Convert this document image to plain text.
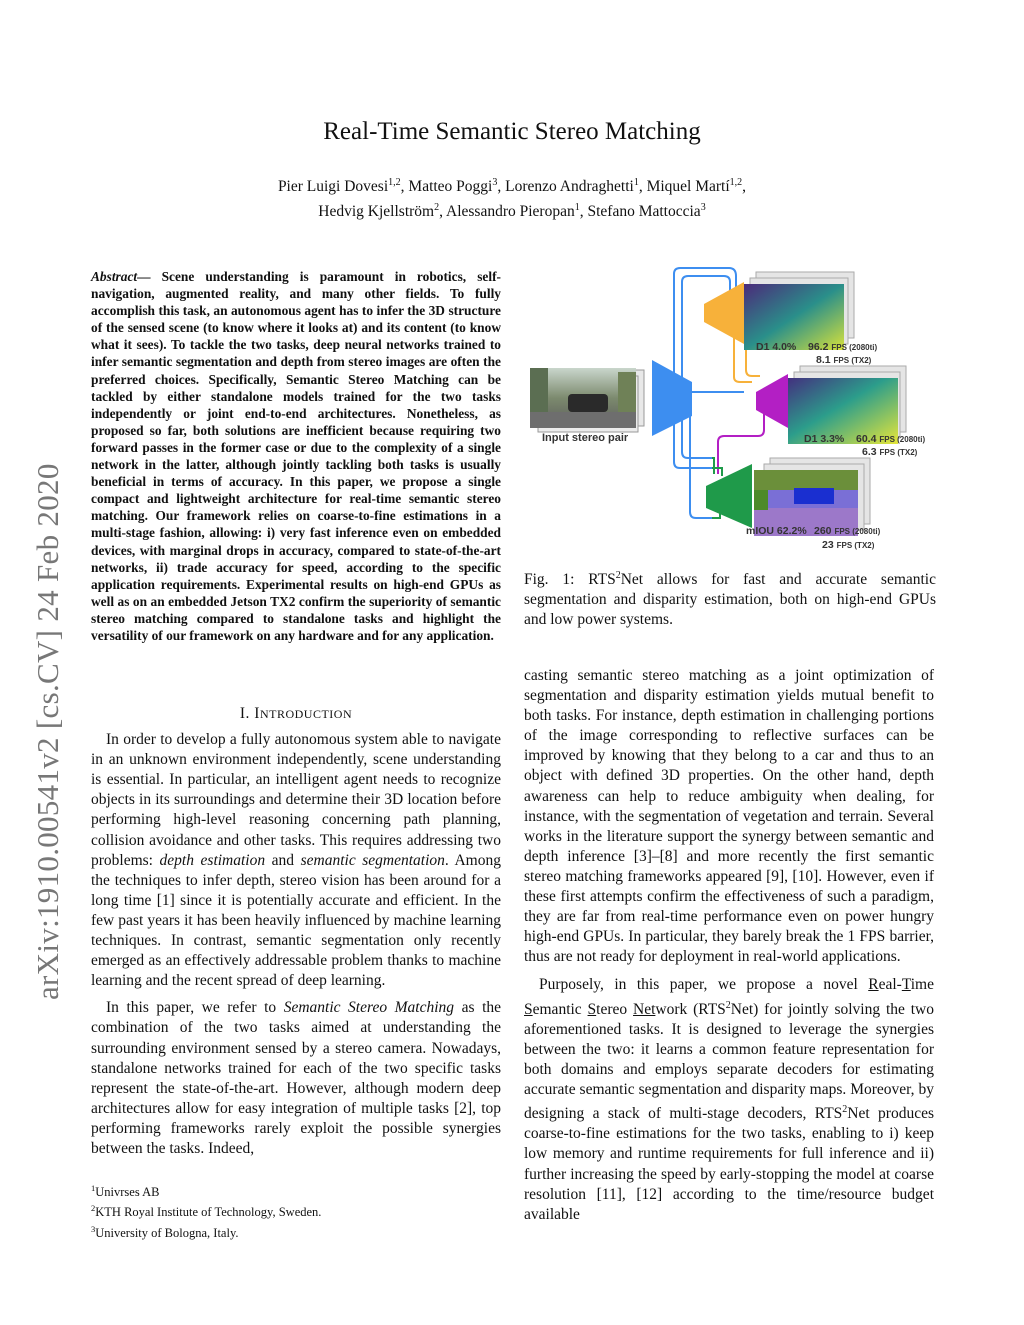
arXiv:1910.00541v2 [cs.CV] 24 Feb 2020
Real-Time Semantic Stereo Matching
Pier Luigi Dovesi$^{1,2}$, Matteo Poggi$^3$, Lorenzo Andraghetti$^1$, Miquel Martí$^{1,2}$,
Hedvig Kjellström$^2$, Alessandro Pieropan$^1$, Stefano Mattoccia$^3$
Abstract— Scene understanding is paramount in robotics, self-navigation, augmented reality, and many other fields. To fully accomplish this task, an autonomous agent has to infer the 3D structure of the sensed scene (to know where it looks at) and its content (to know what it sees). To tackle the two tasks, deep neural networks trained to infer semantic segmentation and depth from stereo images are often the preferred choices. Specifically, Semantic Stereo Matching can be tackled by either standalone models trained for the two tasks independently or joint end-to-end architectures. Nonetheless, as proposed so far, both solutions are inefficient because requiring two forward passes in the former case or due to the complexity of a single network in the latter, although jointly tackling both tasks is usually beneficial in terms of accuracy. In this paper, we propose a single compact and lightweight architecture for real-time semantic stereo matching. Our framework relies on coarse-to-fine estimations in a multi-stage fashion, allowing: i) very fast inference even on embedded devices, with marginal drops in accuracy, compared to state-of-the-art networks, ii) trade accuracy for speed, according to the specific application requirements. Experimental results on high-end GPUs as well as on an embedded Jetson TX2 confirm the superiority of semantic stereo matching compared to standalone tasks and highlight the versatility of our framework on any hardware and for any application.
I. INTRODUCTION

In order to develop a fully autonomous system able to navigate in an unknown environment independently, scene understanding is essential. In particular, an intelligent agent needs to recognize objects in its surroundings and determine their 3D location before performing high-level reasoning concerning path planning, collision avoidance and other tasks. This requires addressing two problems: depth estimation and semantic segmentation. Among the techniques to infer depth, stereo vision has been around for a long time [1] since it is potentially accurate and efficient. In the few past years it has been heavily influenced by machine learning techniques. In contrast, semantic segmentation only recently emerged as an effectively addressable problem thanks to machine learning and the recent spread of deep learning.

In this paper, we refer to Semantic Stereo Matching as the combination of the two tasks aimed at understanding the surrounding environment sensed by a stereo camera. Nowadays, standalone networks trained for each of the two specific tasks represent the state-of-the-art. However, although modern deep architectures allow for easy integration of multiple tasks [2], top performing frameworks rarely exploit the possible synergies between the tasks. Indeed,

$^1$Univrses AB
$^2$KTH Royal Institute of Technology, Sweden.
$^3$University of Bologna, Italy.
Input stereo pair
D1 4.0% 96.2 FPS (2080ti)
8.1 FPS (TX2)
D1 3.3% 60.4 FPS (2080ti)
6.3 FPS (TX2)
mIOU 62.2% 260 FPS (2080ti)
23 FPS (TX2)
Fig. 1: RTS$^2$Net allows for fast and accurate semantic segmentation and disparity estimation, both on high-end GPUs and low power systems.

casting semantic stereo matching as a joint optimization of segmentation and disparity estimation yields mutual benefit to both tasks. For instance, depth estimation in challenging portions of the image corresponding to reflective surfaces can be improved by knowing that they belong to a car and thus to an object with defined 3D properties. On the other hand, depth awareness can help to reduce ambiguity when dealing, for instance, with the segmentation of vegetation and terrain. Several works in the literature support the synergy between semantic and depth inference [3]–[8] and more recently the first semantic stereo matching frameworks appeared [9], [10]. However, even if these first attempts confirm the effectiveness of such a paradigm, they are far from real-time performance even on power hungry high-end GPUs. In particular, they barely break the 1 FPS barrier, thus are not ready for deployment in real-world applications.

Purposely, in this paper, we propose a novel Real-Time Semantic Stereo Network (RTS$^2$Net) for jointly solving the two aforementioned tasks. It is designed to leverage the synergies between the two: it learns a common feature representation for both domains and employs separate decoders for estimating accurate semantic segmentation and disparity maps. Moreover, by designing a stack of multi-stage decoders, RTS$^2$Net produces coarse-to-fine estimations for the two tasks, enabling to i) keep low memory and runtime requirements for full inference and ii) further increasing the speed by early-stopping the model at coarse resolution [11], [12] according to the time/resource budget available
